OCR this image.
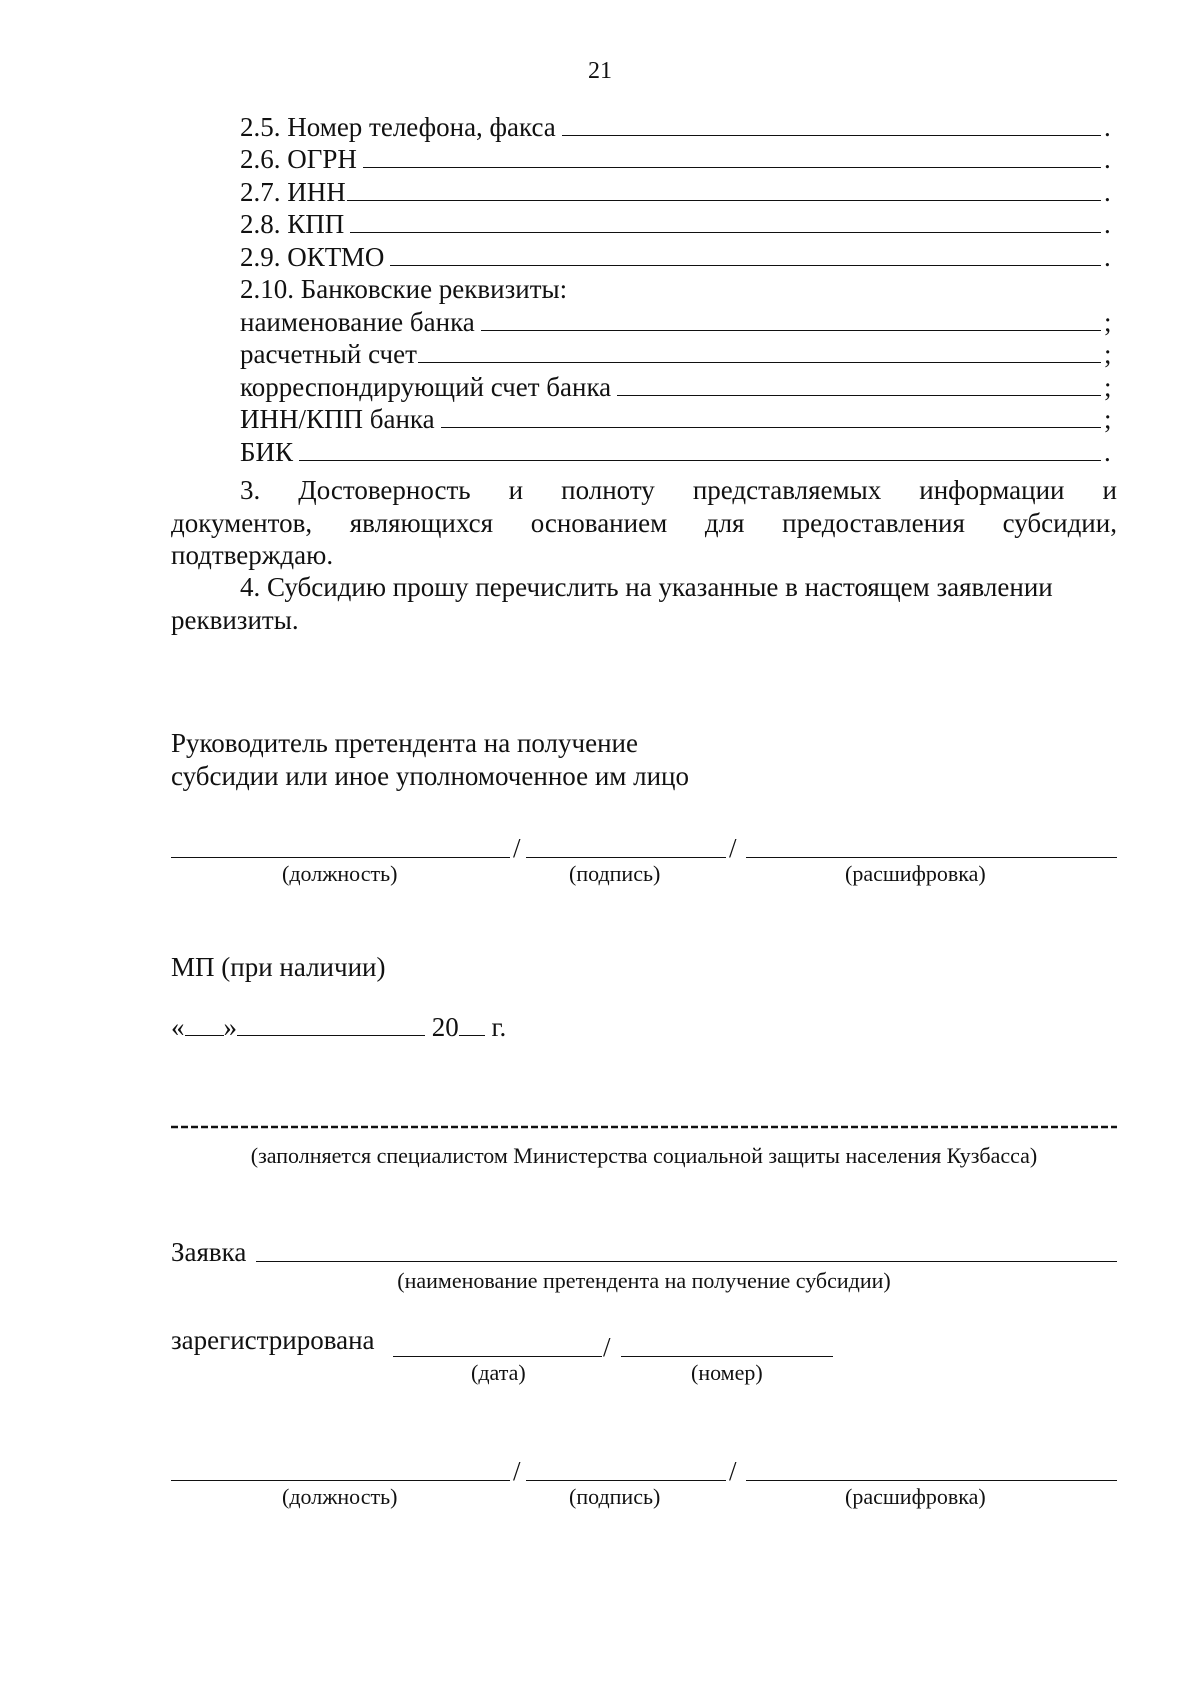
21
2.5. Номер телефона, факса	.
2.6. ОГРН	.
2.7. ИНН	.
2.8. КПП	.
2.9. ОКТМО	.
2.10. Банковские реквизиты:
наименование банка	;
расчетный счет	;
корреспондирующий счет банка	;
ИНН/КПП банка	;
БИК	.
3. Достоверность и полноту представляемых информации и
документов, являющихся основанием для предоставления субсидии,
подтверждаю.
4. Субсидию прошу перечислить на указанные в настоящем заявлении
реквизиты.
Руководитель претендента на получение
субсидии или иное уполномоченное им лицо
/	/
(должность)	(подпись)	(расшифровка)
МП (при наличии)
« »	20 г.
(заполняется специалистом Министерства социальной защиты населения Кузбасса)
Заявка
(наименование претендента на получение субсидии)
зарегистрирована	/
(дата)	(номер)
/	/
(должность)	(подпись)	(расшифровка)
